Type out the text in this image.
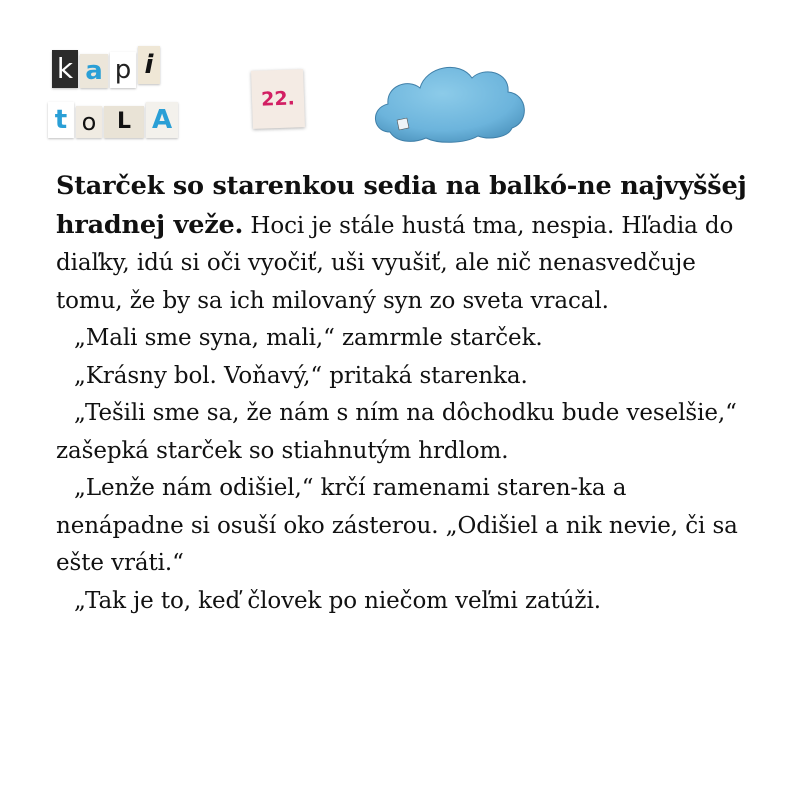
k a p i
t o L A
22.

Starček so starenkou sedia na balkó-ne najvyššej hradnej veže. Hoci je stále hustá tma, nespia. Hľadia do diaľky, idú si oči vyočiť, uši vyušiť, ale nič nenasvedčuje tomu, že by sa ich milovaný syn zo sveta vracal.

„Mali sme syna, mali,“ zamrmle starček.

„Krásny bol. Voňavý,“ pritaká starenka.

„Tešili sme sa, že nám s ním na dôchodku bude veselšie,“ zašepká starček so stiahnutým hrdlom.

„Lenže nám odišiel,“ krčí ramenami staren-ka a nenápadne si osuší oko zásterou. „Odišiel a nik nevie, či sa ešte vráti.“

„Tak je to, keď človek po niečom veľmi zatúži.
